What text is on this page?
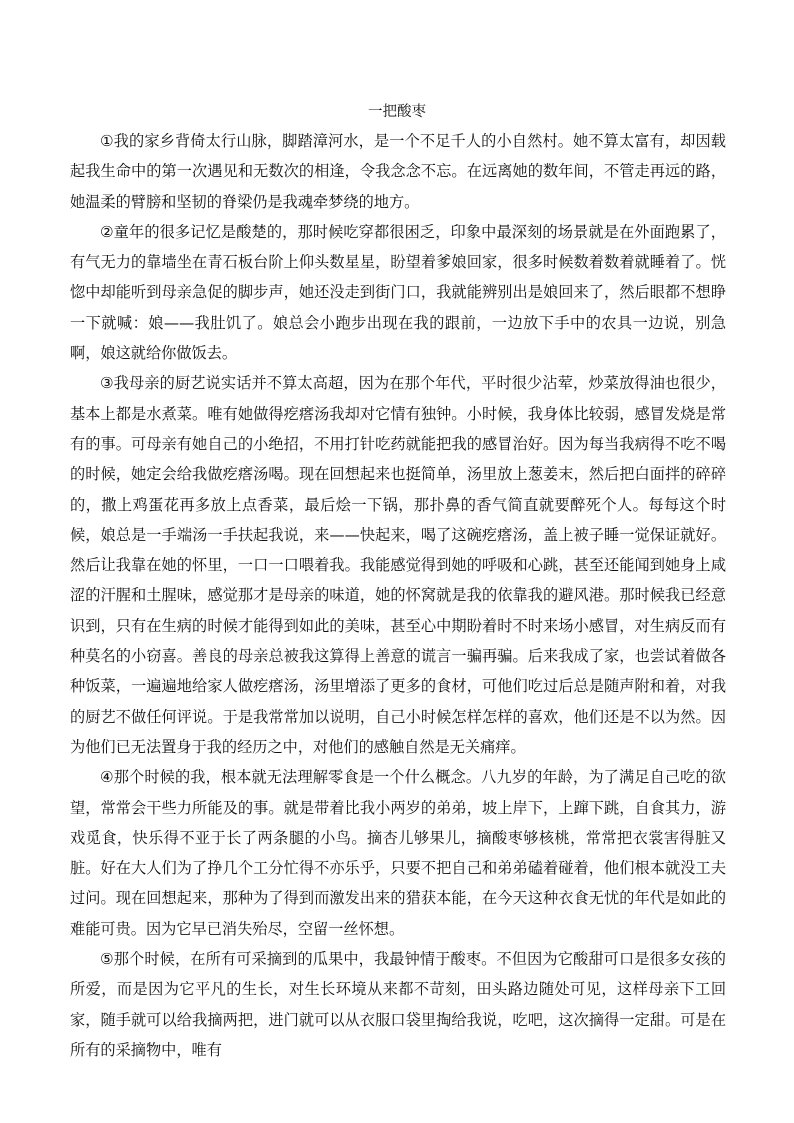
一把酸枣

①我的家乡背倚太行山脉，脚踏漳河水，是一个不足千人的小自然村。她不算太富有，却因载起我生命中的第一次遇见和无数次的相逢，令我念念不忘。在远离她的数年间，不管走再远的路，她温柔的臂膀和坚韧的脊梁仍是我魂牵梦绕的地方。

②童年的很多记忆是酸楚的，那时候吃穿都很困乏，印象中最深刻的场景就是在外面跑累了，有气无力的靠墙坐在青石板台阶上仰头数星星，盼望着爹娘回家，很多时候数着数着就睡着了。恍惚中却能听到母亲急促的脚步声，她还没走到街门口，我就能辨别出是娘回来了，然后眼都不想睁一下就喊：娘——我肚饥了。娘总会小跑步出现在我的跟前，一边放下手中的农具一边说，别急啊，娘这就给你做饭去。

③我母亲的厨艺说实话并不算太高超，因为在那个年代，平时很少沾荤，炒菜放得油也很少，基本上都是水煮菜。唯有她做得疙瘩汤我却对它情有独钟。小时候，我身体比较弱，感冒发烧是常有的事。可母亲有她自己的小绝招，不用打针吃药就能把我的感冒治好。因为每当我病得不吃不喝的时候，她定会给我做疙瘩汤喝。现在回想起来也挺简单，汤里放上葱姜末，然后把白面拌的碎碎的，撒上鸡蛋花再多放上点香菜，最后烩一下锅，那扑鼻的香气简直就要醉死个人。每每这个时候，娘总是一手端汤一手扶起我说，来——快起来，喝了这碗疙瘩汤，盖上被子睡一觉保证就好。然后让我靠在她的怀里，一口一口喂着我。我能感觉得到她的呼吸和心跳，甚至还能闻到她身上咸涩的汗腥和土腥味，感觉那才是母亲的味道，她的怀窝就是我的依靠我的避风港。那时候我已经意识到，只有在生病的时候才能得到如此的美味，甚至心中期盼着时不时来场小感冒，对生病反而有种莫名的小窃喜。善良的母亲总被我这算得上善意的谎言一骗再骗。后来我成了家，也尝试着做各种饭菜，一遍遍地给家人做疙瘩汤，汤里增添了更多的食材，可他们吃过后总是随声附和着，对我的厨艺不做任何评说。于是我常常加以说明，自己小时候怎样怎样的喜欢，他们还是不以为然。因为他们已无法置身于我的经历之中，对他们的感触自然是无关痛痒。

④那个时候的我，根本就无法理解零食是一个什么概念。八九岁的年龄，为了满足自己吃的欲望，常常会干些力所能及的事。就是带着比我小两岁的弟弟，坡上岸下，上蹿下跳，自食其力，游戏觅食，快乐得不亚于长了两条腿的小鸟。摘杏儿够果儿，摘酸枣够核桃，常常把衣裳害得脏又脏。好在大人们为了挣几个工分忙得不亦乐乎，只要不把自己和弟弟磕着碰着，他们根本就没工夫过问。现在回想起来，那种为了得到而激发出来的猎获本能，在今天这种衣食无忧的年代是如此的难能可贵。因为它早已消失殆尽，空留一丝怀想。

⑤那个时候，在所有可采摘到的瓜果中，我最钟情于酸枣。不但因为它酸甜可口是很多女孩的所爱，而是因为它平凡的生长，对生长环境从来都不苛刻，田头路边随处可见，这样母亲下工回家，随手就可以给我摘两把，进门就可以从衣服口袋里掏给我说，吃吧，这次摘得一定甜。可是在所有的采摘物中，唯有
